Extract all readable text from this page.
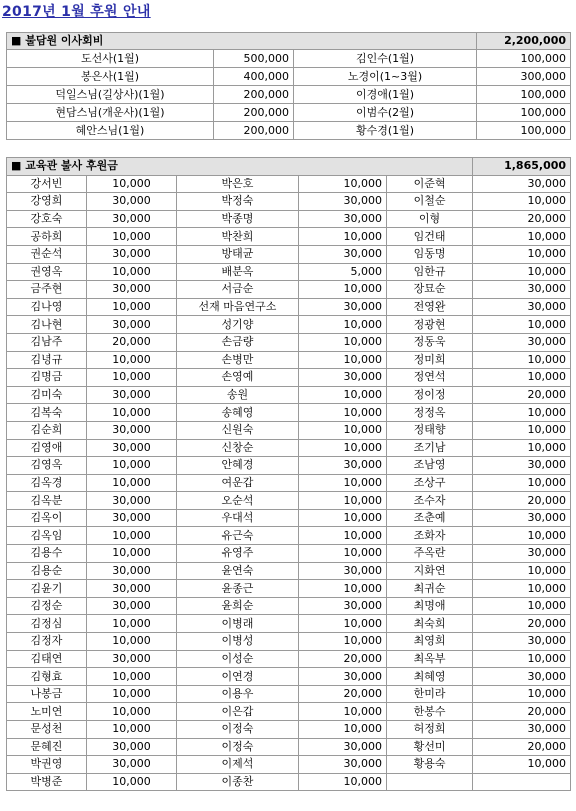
2017년 1월 후원 안내
■ 불담원 이사회비			2,200,000
도선사(1월)	500,000	김인수(1월)	100,000
봉은사(1월)	400,000	노경이(1~3월)	300,000
덕일스님(길상사)(1월)	200,000	이경애(1월)	100,000
현담스님(개운사)(1월)	200,000	이범수(2월)	100,000
혜안스님(1월)	200,000	황수경(1월)	100,000
■ 교육관 불사 후원금					1,865,000
강서빈	10,000	박은호	10,000	이준혁	30,000
강영희	30,000	박정숙	30,000	이철순	10,000
강호숙	30,000	박종명	30,000	이형	20,000
공하희	10,000	박찬희	10,000	임건태	10,000
권순석	30,000	방태균	30,000	임동명	10,000
권영옥	10,000	배분옥	5,000	임한규	10,000
금주현	30,000	서금순	10,000	장묘순	30,000
김나영	10,000	선재 마음연구소	30,000	전영완	30,000
김나현	30,000	성기양	10,000	정광현	10,000
김남주	20,000	손금량	10,000	정동욱	30,000
김녕규	10,000	손병만	10,000	정미희	10,000
김명금	10,000	손영예	30,000	정연석	10,000
김미숙	30,000	송원	10,000	정이정	20,000
김복숙	10,000	송혜영	10,000	정정옥	10,000
김순희	30,000	신원숙	10,000	정태향	10,000
김영애	30,000	신창순	10,000	조기남	10,000
김영옥	10,000	안혜경	30,000	조남영	30,000
김옥경	10,000	여운갑	10,000	조상구	10,000
김옥분	30,000	오순석	10,000	조수자	20,000
김옥이	30,000	우대석	10,000	조춘예	30,000
김옥임	10,000	유근숙	10,000	조화자	10,000
김용수	10,000	유영주	10,000	주옥란	30,000
김용순	30,000	윤연숙	30,000	지화연	10,000
김윤기	30,000	윤종근	10,000	최귀순	10,000
김정순	30,000	윤희순	30,000	최명애	10,000
김정심	10,000	이병래	10,000	최숙희	20,000
김정자	10,000	이병성	10,000	최영희	30,000
김태연	30,000	이성순	20,000	최옥부	10,000
김형효	10,000	이연경	30,000	최혜영	30,000
나봉금	10,000	이용우	20,000	한미라	10,000
노미연	10,000	이은갑	10,000	한봉수	20,000
문성천	10,000	이정숙	10,000	허정희	30,000
문혜진	30,000	이정숙	30,000	황선미	20,000
박권영	30,000	이제석	30,000	황용숙	10,000
박병준	10,000	이종찬	10,000		
